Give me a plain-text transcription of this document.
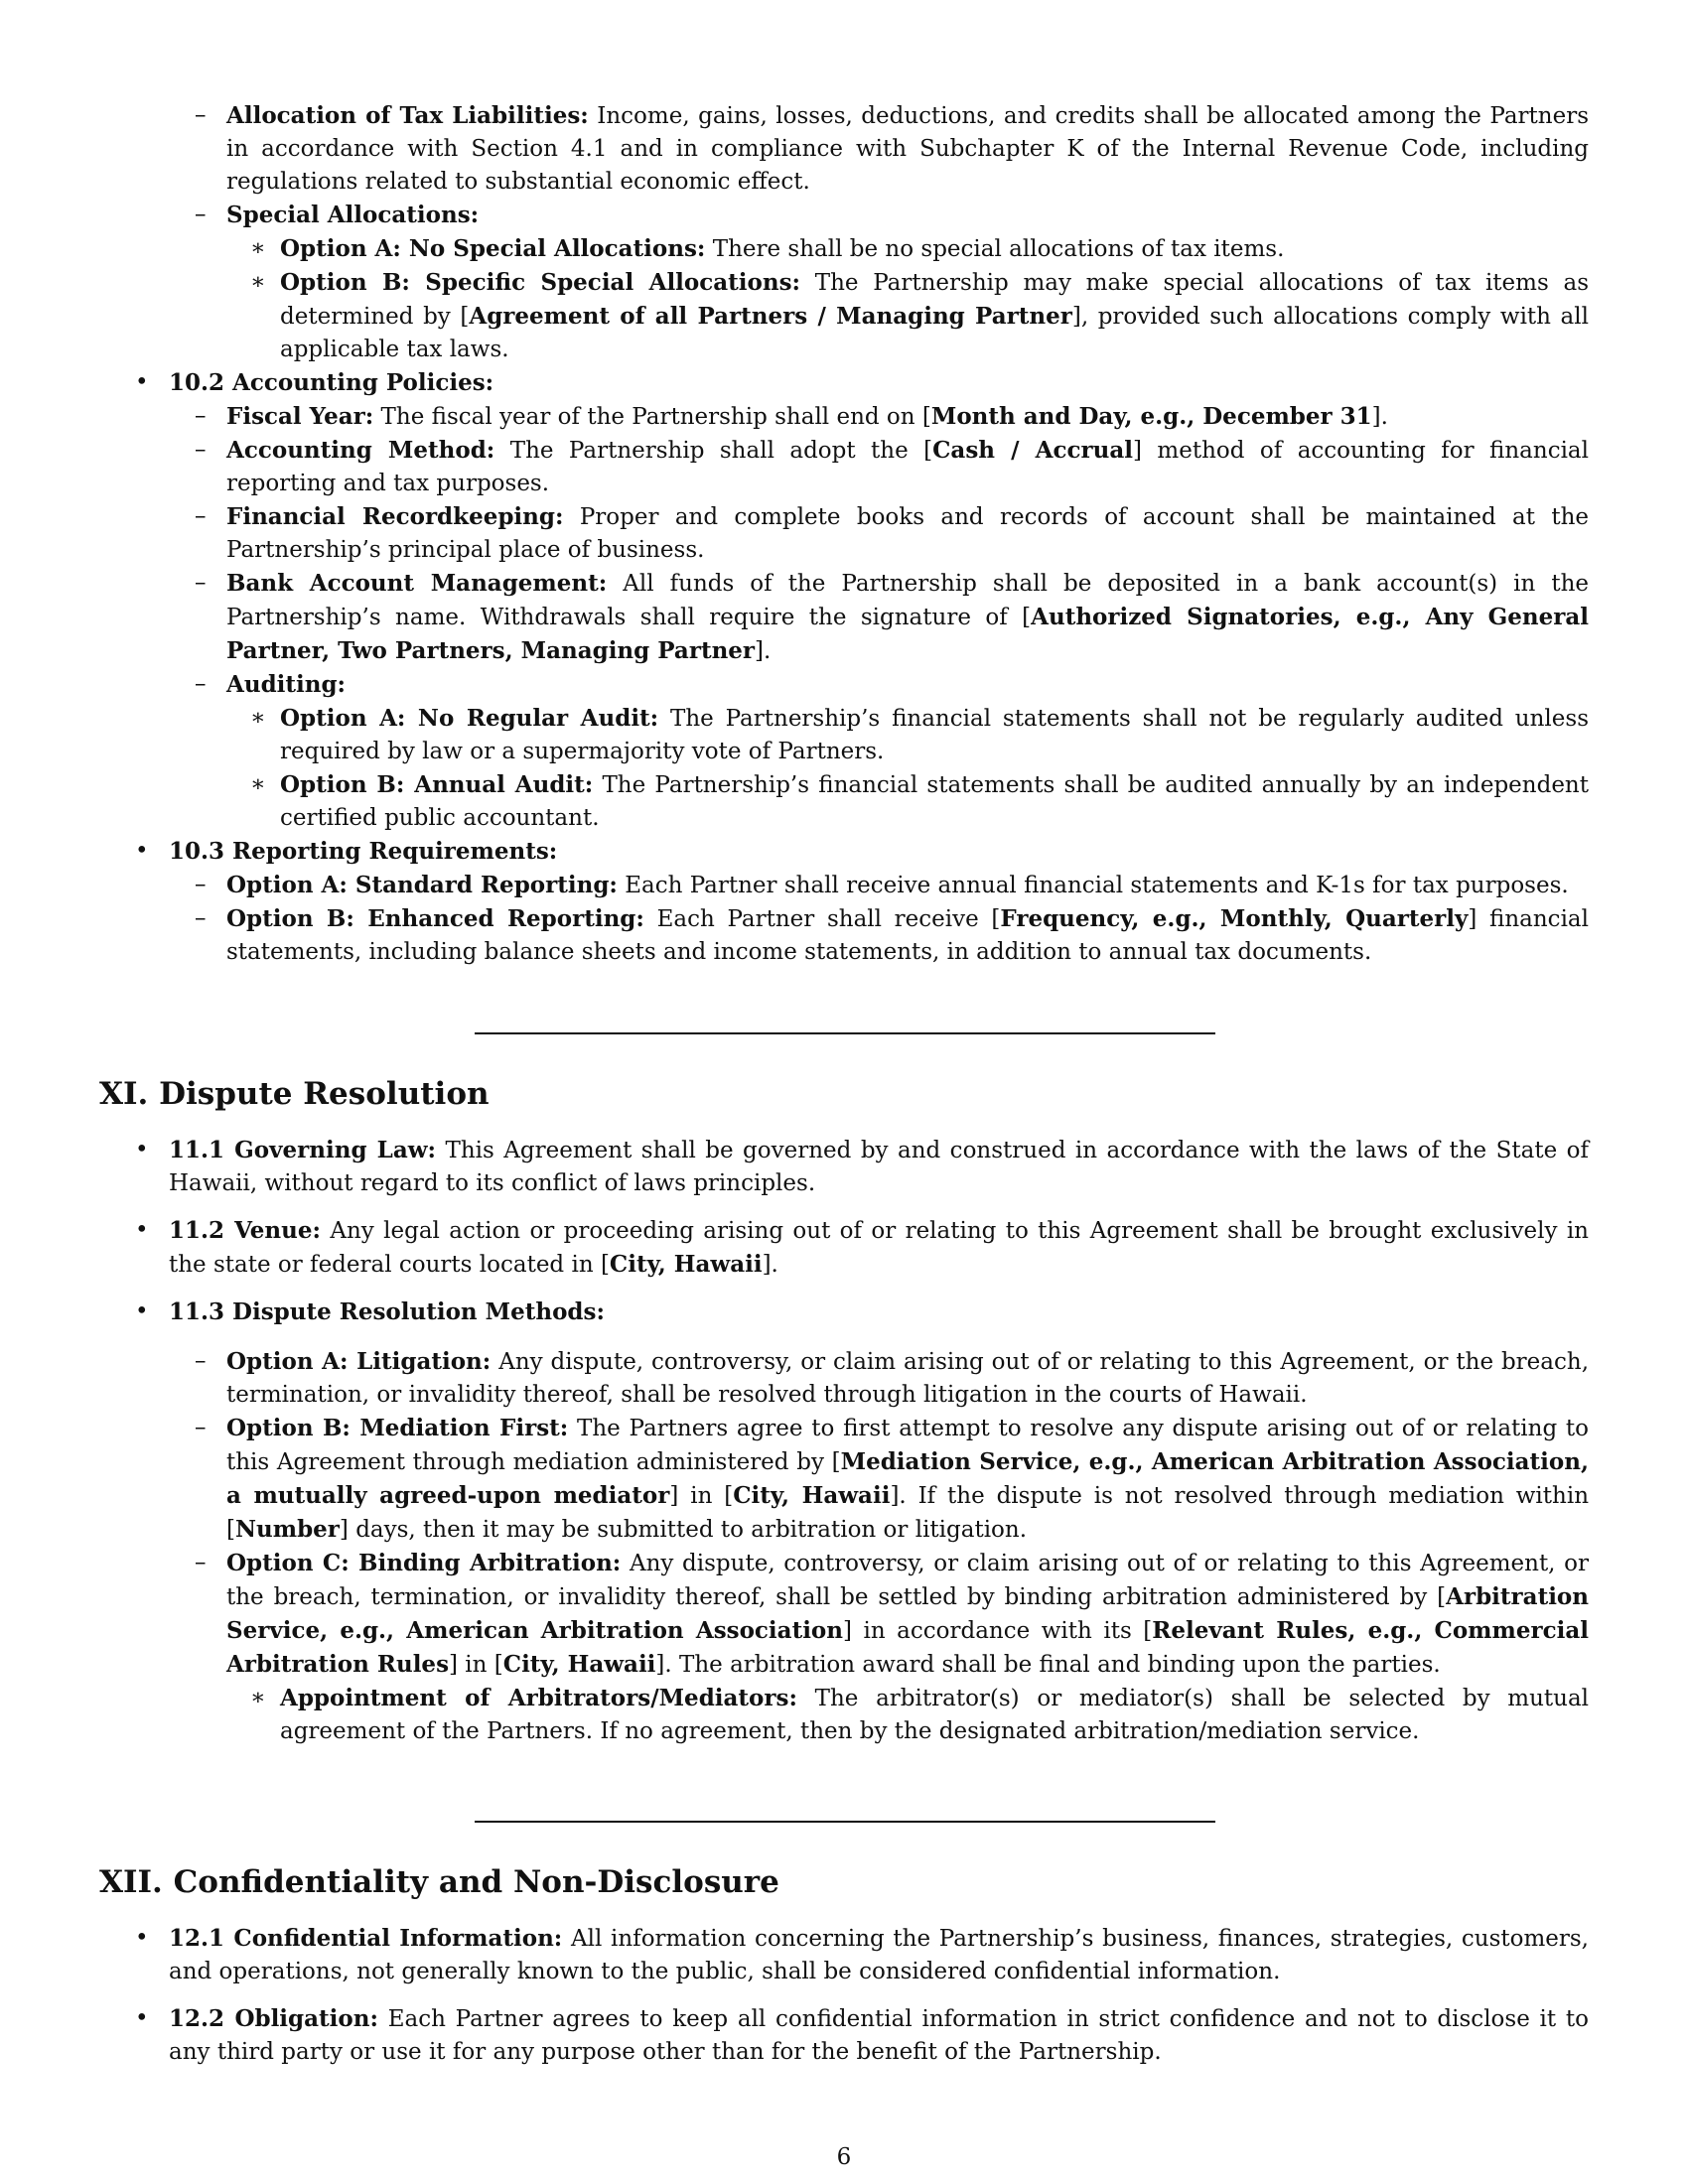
– Allocation of Tax Liabilities: Income, gains, losses, deductions, and credits shall be allocated among the Partners in accordance with Section 4.1 and in compliance with Subchapter K of the Internal Revenue Code, including regulations related to substantial economic effect.
– Special Allocations:
∗ Option A: No Special Allocations: There shall be no special allocations of tax items.
∗ Option B: Specific Special Allocations: The Partnership may make special allocations of tax items as determined by [Agreement of all Partners / Managing Partner], provided such allocations comply with all applicable tax laws.
• 10.2 Accounting Policies:
– Fiscal Year: The fiscal year of the Partnership shall end on [Month and Day, e.g., December 31].
– Accounting Method: The Partnership shall adopt the [Cash / Accrual] method of accounting for financial reporting and tax purposes.
– Financial Recordkeeping: Proper and complete books and records of account shall be maintained at the Partnership’s principal place of business.
– Bank Account Management: All funds of the Partnership shall be deposited in a bank account(s) in the Partnership’s name. Withdrawals shall require the signature of [Authorized Signatories, e.g., Any General Partner, Two Partners, Managing Partner].
– Auditing:
∗ Option A: No Regular Audit: The Partnership’s financial statements shall not be regularly audited unless required by law or a supermajority vote of Partners.
∗ Option B: Annual Audit: The Partnership’s financial statements shall be audited annually by an independent certified public accountant.
• 10.3 Reporting Requirements:
– Option A: Standard Reporting: Each Partner shall receive annual financial statements and K-1s for tax purposes.
– Option B: Enhanced Reporting: Each Partner shall receive [Frequency, e.g., Monthly, Quarterly] financial statements, including balance sheets and income statements, in addition to annual tax documents.
XI. Dispute Resolution
• 11.1 Governing Law: This Agreement shall be governed by and construed in accordance with the laws of the State of Hawaii, without regard to its conflict of laws principles.
• 11.2 Venue: Any legal action or proceeding arising out of or relating to this Agreement shall be brought exclusively in the state or federal courts located in [City, Hawaii].
• 11.3 Dispute Resolution Methods:
– Option A: Litigation: Any dispute, controversy, or claim arising out of or relating to this Agreement, or the breach, termination, or invalidity thereof, shall be resolved through litigation in the courts of Hawaii.
– Option B: Mediation First: The Partners agree to first attempt to resolve any dispute arising out of or relating to this Agreement through mediation administered by [Mediation Service, e.g., American Arbitration Association, a mutually agreed-upon mediator] in [City, Hawaii]. If the dispute is not resolved through mediation within [Number] days, then it may be submitted to arbitration or litigation.
– Option C: Binding Arbitration: Any dispute, controversy, or claim arising out of or relating to this Agreement, or the breach, termination, or invalidity thereof, shall be settled by binding arbitration administered by [Arbitration Service, e.g., American Arbitration Association] in accordance with its [Relevant Rules, e.g., Commercial Arbitration Rules] in [City, Hawaii]. The arbitration award shall be final and binding upon the parties.
∗ Appointment of Arbitrators/Mediators: The arbitrator(s) or mediator(s) shall be selected by mutual agreement of the Partners. If no agreement, then by the designated arbitration/mediation service.
XII. Confidentiality and Non-Disclosure
• 12.1 Confidential Information: All information concerning the Partnership’s business, finances, strategies, customers, and operations, not generally known to the public, shall be considered confidential information.
• 12.2 Obligation: Each Partner agrees to keep all confidential information in strict confidence and not to disclose it to any third party or use it for any purpose other than for the benefit of the Partnership.
6
